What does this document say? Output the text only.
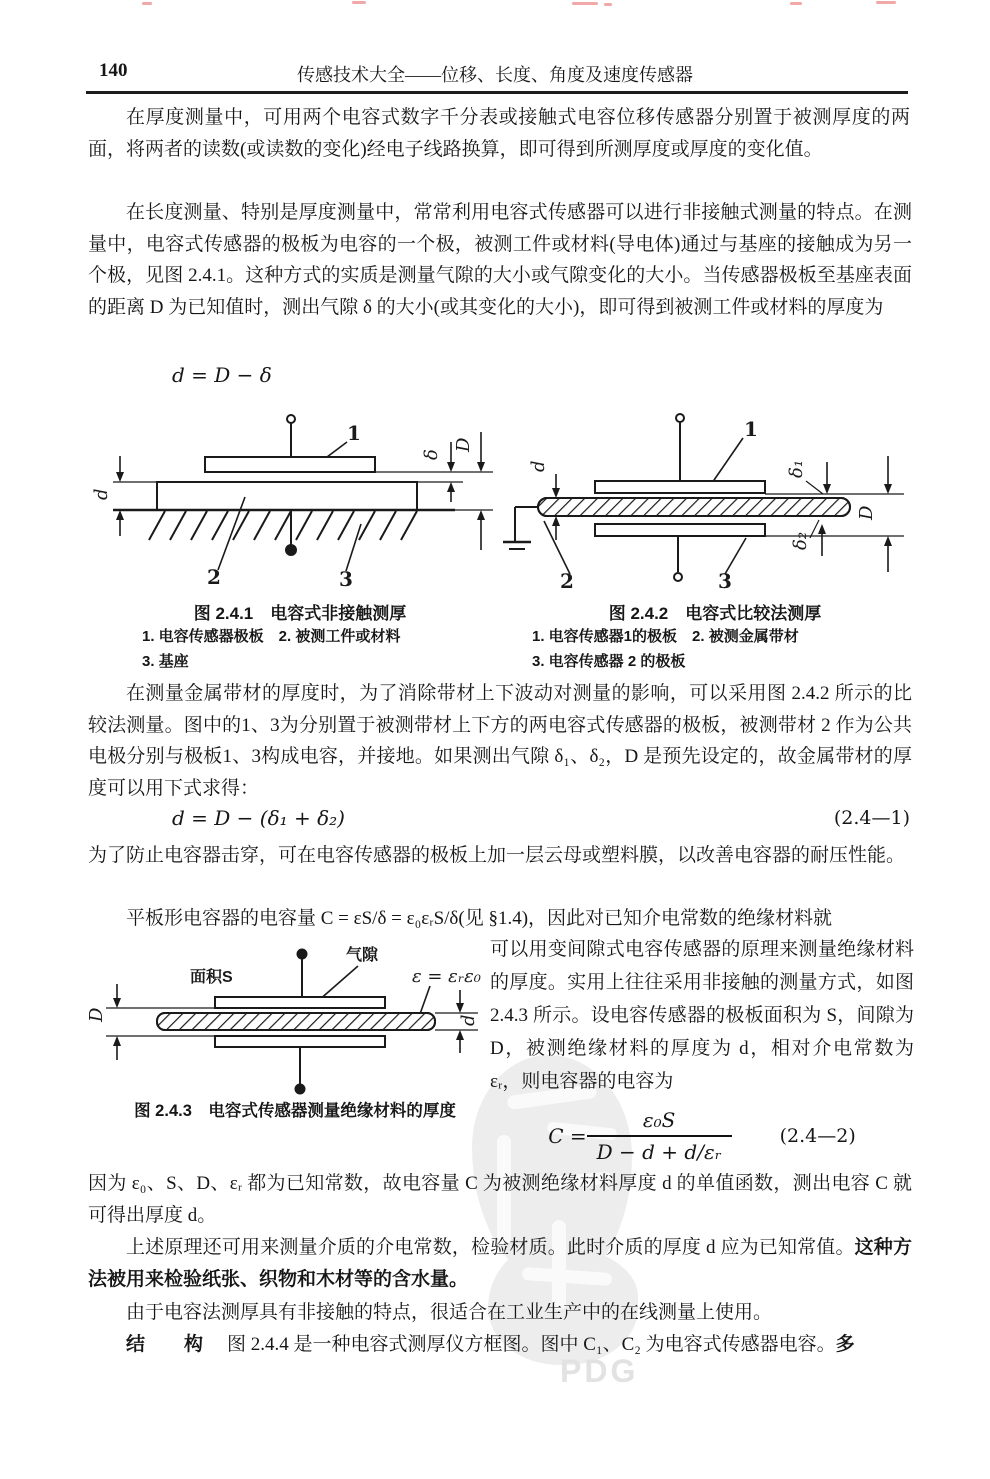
PDG
140	传感技术大全——位移、长度、角度及速度传感器
在厚度测量中，可用两个电容式数字千分表或接触式电容位移传感器分别置于被测厚度的两面，将两者的读数(或读数的变化)经电子线路换算，即可得到所测厚度或厚度的变化值。
在长度测量、特别是厚度测量中，常常利用电容式传感器可以进行非接触式测量的特点。在测量中，电容式传感器的极板为电容的一个极，被测工件或材料(导电体)通过与基座的接触成为另一个极，见图 2.4.1。这种方式的实质是测量气隙的大小或气隙变化的大小。当传感器极板至基座表面的距离 D 为已知值时，测出气隙 δ 的大小(或其变化的大小)，即可得到被测工件或材料的厚度为
d = D − δ
1
2	3
d
δ
D
1
2	3
d	δ₁
δ₂
D
图 2.4.1　电容式非接触测厚
1. 电容传感器极板　2. 被测工件或材料
3. 基座
图 2.4.2　电容式比较法测厚
1. 电容传感器1的极板　2. 被测金属带材
3. 电容传感器 2 的极板
在测量金属带材的厚度时，为了消除带材上下波动对测量的影响，可以采用图 2.4.2 所示的比较法测量。图中的1、3为分别置于被测带材上下方的两电容式传感器的极板，被测带材 2 作为公共电极分别与极板1、3构成电容，并接地。如果测出气隙 δ₁、δ₂，D 是预先设定的，故金属带材的厚度可以用下式求得：
d = D − (δ₁ + δ₂)	(2.4—1)
为了防止电容器击穿，可在电容传感器的极板上加一层云母或塑料膜，以改善电容器的耐压性能。
平板形电容器的电容量 C = εS/δ = ε₀εᵣS/δ(见 §1.4)，因此对已知介电常数的绝缘材料就
可以用变间隙式电容传感器的原理来测量绝缘材料的厚度。实用上往往采用非接触的测量方式，如图 2.4.3 所示。设电容传感器的极板面积为 S，间隙为 D，被测绝缘材料的厚度为 d，相对介电常数为 εᵣ，则电容器的电容为
面积S
气隙
ε = εᵣε₀
D	d
图 2.4.3　电容式传感器测量绝缘材料的厚度
$C = \frac{\text{ε₀S}}{\text{D − d + d/εᵣ}}$	(2.4—2)
因为 ε₀、S、D、εᵣ 都为已知常数，故电容量 C 为被测绝缘材料厚度 d 的单值函数，测出电容 C 就可得出厚度 d。
上述原理还可用来测量介质的介电常数，检验材质。此时介质的厚度 d 应为已知常值。这种方法被用来检验纸张、织物和木材等的含水量。
由于电容法测厚具有非接触的特点，很适合在工业生产中的在线测量上使用。
结　构 图 2.4.4 是一种电容式测厚仪方框图。图中 C₁、C₂ 为电容式传感器电容。多
